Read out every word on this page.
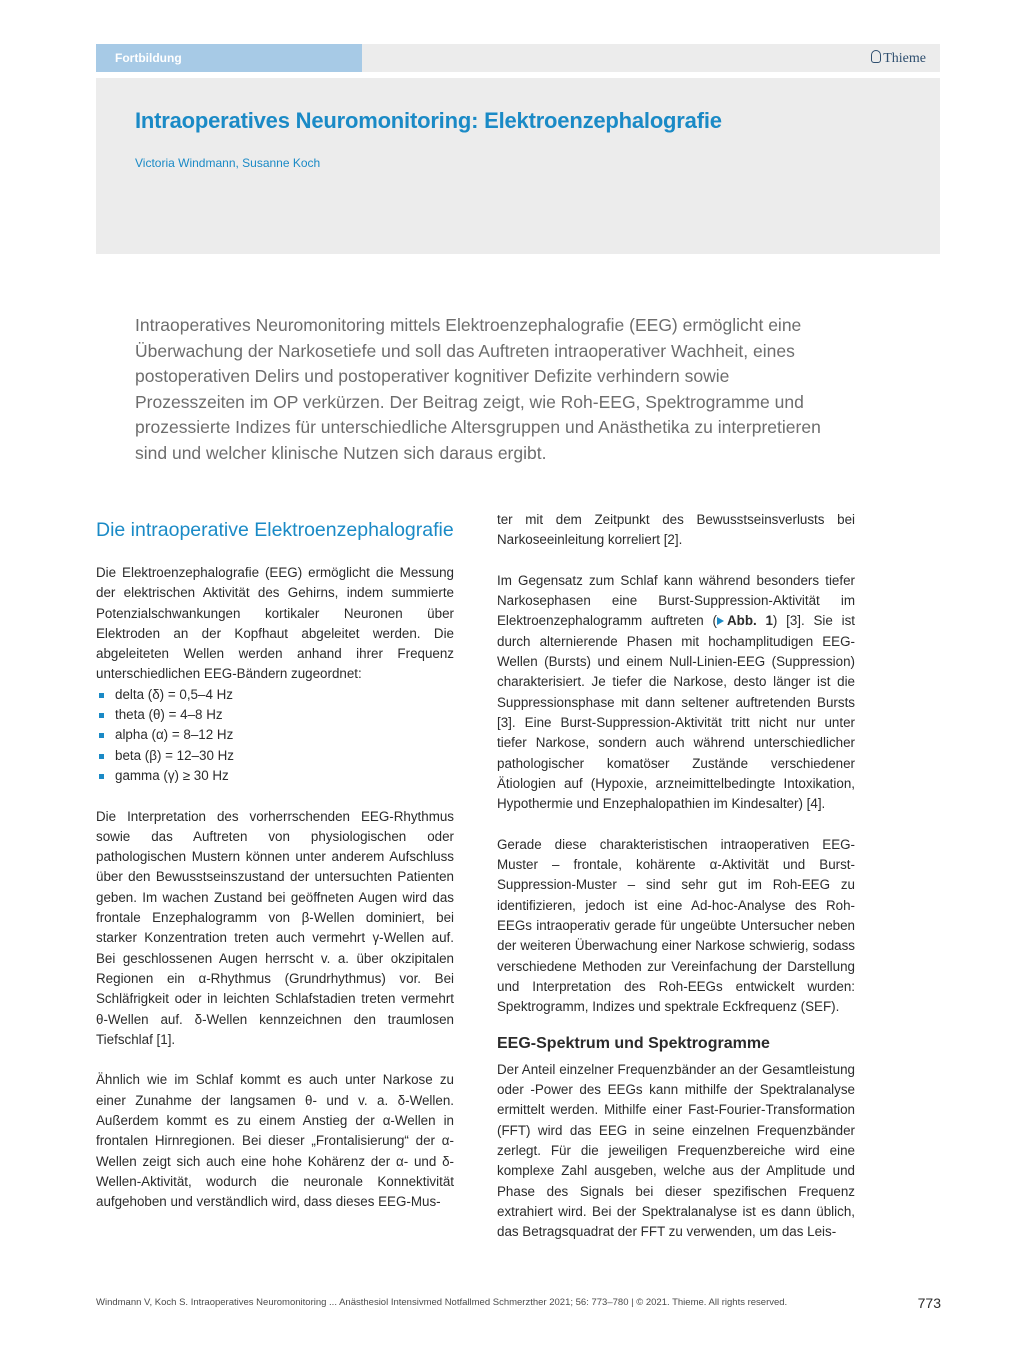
Fortbildung	Thieme
Intraoperatives Neuromonitoring: Elektroenzephalografie
Victoria Windmann, Susanne Koch

Intraoperatives Neuromonitoring mittels Elektroenzephalografie (EEG) ermöglicht eine Überwachung der Narkosetiefe und soll das Auftreten intraoperativer Wachheit, eines postoperativen Delirs und postoperativer kognitiver Defizite verhindern sowie Prozesszeiten im OP verkürzen. Der Beitrag zeigt, wie Roh-EEG, Spektrogramme und prozessierte Indizes für unterschiedliche Altersgruppen und Anästhetika zu interpretieren sind und welcher klinische Nutzen sich daraus ergibt.

Die intraoperative Elektroenzephalografie

Die Elektroenzephalografie (EEG) ermöglicht die Messung der elektrischen Aktivität des Gehirns, indem summierte Potenzialschwankungen kortikaler Neuronen über Elektroden an der Kopfhaut abgeleitet werden. Die abgeleiteten Wellen werden anhand ihrer Frequenz unterschiedlichen EEG-Bändern zugeordnet:

delta (δ) = 0,5–4 Hz
theta (θ) = 4–8 Hz
alpha (α) = 8–12 Hz
beta (β) = 12–30 Hz
gamma (γ) ≥ 30 Hz

Die Interpretation des vorherrschenden EEG-Rhythmus sowie das Auftreten von physiologischen oder pathologischen Mustern können unter anderem Aufschluss über den Bewusstseinszustand der untersuchten Patienten geben. Im wachen Zustand bei geöffneten Augen wird das frontale Enzephalogramm von β-Wellen dominiert, bei starker Konzentration treten auch vermehrt γ-Wellen auf. Bei geschlossenen Augen herrscht v. a. über okzipitalen Regionen ein α-Rhythmus (Grundrhythmus) vor. Bei Schläfrigkeit oder in leichten Schlafstadien treten vermehrt θ-Wellen auf. δ-Wellen kennzeichnen den traumlosen Tiefschlaf [1].

Ähnlich wie im Schlaf kommt es auch unter Narkose zu einer Zunahme der langsamen θ- und v. a. δ-Wellen. Außerdem kommt es zu einem Anstieg der α-Wellen in frontalen Hirnregionen. Bei dieser „Frontalisierung“ der α-Wellen zeigt sich auch eine hohe Kohärenz der α- und δ-Wellen-Aktivität, wodurch die neuronale Konnektivität aufgehoben und verständlich wird, dass dieses EEG-Mus-

ter mit dem Zeitpunkt des Bewusstseinsverlusts bei Narkoseeinleitung korreliert [2].

Im Gegensatz zum Schlaf kann während besonders tiefer Narkosephasen eine Burst-Suppression-Aktivität im Elektroenzephalogramm auftreten ( Abb. 1) [3]. Sie ist durch alternierende Phasen mit hochamplitudigen EEG-Wellen (Bursts) und einem Null-Linien-EEG (Suppression) charakterisiert. Je tiefer die Narkose, desto länger ist die Suppressionsphase mit dann seltener auftretenden Bursts [3]. Eine Burst-Suppression-Aktivität tritt nicht nur unter tiefer Narkose, sondern auch während unterschiedlicher pathologischer komatöser Zustände verschiedener Ätiologien auf (Hypoxie, arzneimittelbedingte Intoxikation, Hypothermie und Enzephalopathien im Kindesalter) [4].

Gerade diese charakteristischen intraoperativen EEG-Muster – frontale, kohärente α-Aktivität und Burst-Suppression-Muster – sind sehr gut im Roh-EEG zu identifizieren, jedoch ist eine Ad-hoc-Analyse des Roh-EEGs intraoperativ gerade für ungeübte Untersucher neben der weiteren Überwachung einer Narkose schwierig, sodass verschiedene Methoden zur Vereinfachung der Darstellung und Interpretation des Roh-EEGs entwickelt wurden: Spektrogramm, Indizes und spektrale Eckfrequenz (SEF).

EEG-Spektrum und Spektrogramme

Der Anteil einzelner Frequenzbänder an der Gesamtleistung oder -Power des EEGs kann mithilfe der Spektralanalyse ermittelt werden. Mithilfe einer Fast-Fourier-Transformation (FFT) wird das EEG in seine einzelnen Frequenzbänder zerlegt. Für die jeweiligen Frequenzbereiche wird eine komplexe Zahl ausgeben, welche aus der Amplitude und Phase des Signals bei dieser spezifischen Frequenz extrahiert wird. Bei der Spektralanalyse ist es dann üblich, das Betragsquadrat der FFT zu verwenden, um das Leis-

Windmann V, Koch S. Intraoperatives Neuromonitoring ... Anästhesiol Intensivmed Notfallmed Schmerzther 2021; 56: 773–780 | © 2021. Thieme. All rights reserved.	773
